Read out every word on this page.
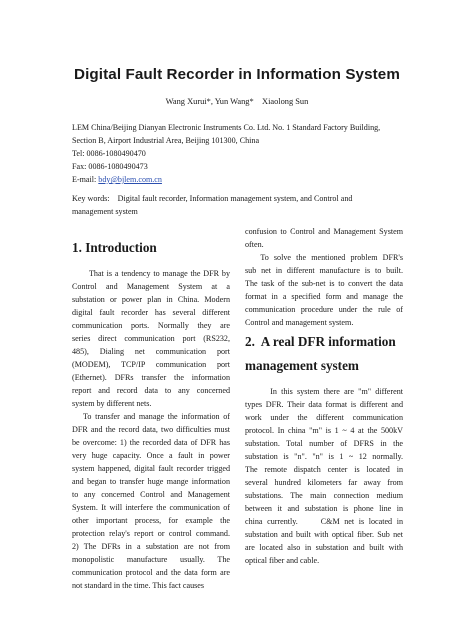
Digital Fault Recorder in Information System
Wang Xurui*, Yun Wang*    Xiaolong Sun
LEM China/Beijing Dianyan Electronic Instruments Co. Ltd. No. 1 Standard Factory Building,
Section B, Airport Industrial Area, Beijing 101300, China
Tel: 0086-1080490470
Fax: 0086-1080490473
E-mail: bdy@bjlem.com.cn
Key words:    Digital fault recorder, Information management system, and Control and
management system
1. Introduction
That is a tendency to manage the DFR by
Control and Management System at a
substation or power plan in China. Modern
digital fault recorder has several different
communication ports. Normally they are
series direct communication port (RS232,
485), Dialing net communication port
(MODEM), TCP/IP communication port
(Ethernet). DFRs transfer the information
report and record data to any concerned
system by different nets.
To transfer and manage the information of
DFR and the record data, two difficulties must
be overcome: 1) the recorded data of DFR has
very huge capacity. Once a fault in power
system happened, digital fault recorder trigged
and began to transfer huge mange information
to any concerned Control and Management
System. It will interfere the communication of
other important process, for example the
protection relay's report or control command.
2) The DFRs in a substation are not from
monopolistic    manufacture    usually.    The
communication protocol and the data form are
not standard in the time. This fact causes
confusion to Control and Management System
often.
To solve the mentioned problem DFR's
sub net in different manufacture is to built.
The task of the sub-net is to convert the data
format in a specified form and manage the
communication procedure under the rule of
Control and management system.
2.  A real DFR information
management system
In this system there are "m" different
types DFR. Their data format is different and
work under the different communication
protocol. In china "m" is 1 ~ 4 at the 500kV
substation. Total number of DFRS in the
substation is "n". "n" is 1 ~ 12 normally.
The remote dispatch center is located in
several hundred kilometers far away from
substations. The main connection medium
between it and substation is phone line in
china currently.     C&M net is located in
substation and built with optical fiber. Sub net
are located also in substation and built with
optical fiber and cable.
